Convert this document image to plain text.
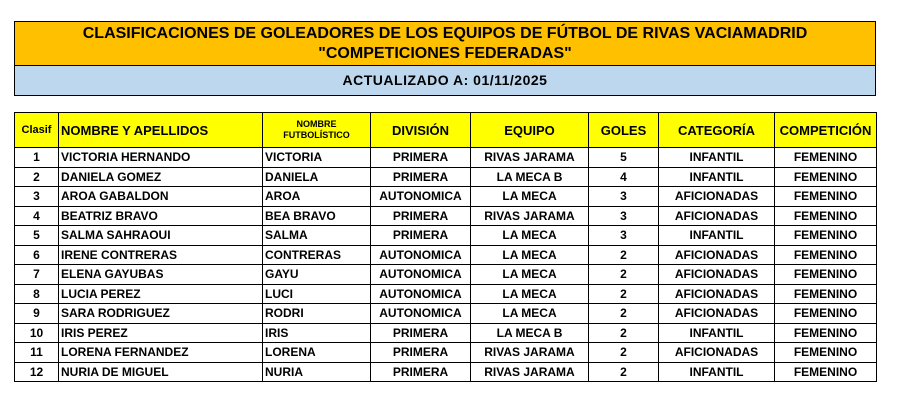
CLASIFICACIONES DE GOLEADORES DE LOS EQUIPOS DE FÚTBOL DE RIVAS VACIAMADRID
"COMPETICIONES FEDERADAS"
ACTUALIZADO A: 01/11/2025
Clasif	NOMBRE Y APELLIDOS	NOMBRE FUTBOLÍSTICO	DIVISIÓN	EQUIPO	GOLES	CATEGORÍA	COMPETICIÓN
1	VICTORIA HERNANDO	VICTORIA	PRIMERA	RIVAS JARAMA	5	INFANTIL	FEMENINO
2	DANIELA GOMEZ	DANIELA	PRIMERA	LA MECA B	4	INFANTIL	FEMENINO
3	AROA GABALDON	AROA	AUTONOMICA	LA MECA	3	AFICIONADAS	FEMENINO
4	BEATRIZ BRAVO	BEA BRAVO	PRIMERA	RIVAS JARAMA	3	AFICIONADAS	FEMENINO
5	SALMA SAHRAOUI	SALMA	PRIMERA	LA MECA	3	INFANTIL	FEMENINO
6	IRENE CONTRERAS	CONTRERAS	AUTONOMICA	LA MECA	2	AFICIONADAS	FEMENINO
7	ELENA GAYUBAS	GAYU	AUTONOMICA	LA MECA	2	AFICIONADAS	FEMENINO
8	LUCIA PEREZ	LUCI	AUTONOMICA	LA MECA	2	AFICIONADAS	FEMENINO
9	SARA RODRIGUEZ	RODRI	AUTONOMICA	LA MECA	2	AFICIONADAS	FEMENINO
10	IRIS PEREZ	IRIS	PRIMERA	LA MECA B	2	INFANTIL	FEMENINO
11	LORENA FERNANDEZ	LORENA	PRIMERA	RIVAS JARAMA	2	AFICIONADAS	FEMENINO
12	NURIA DE MIGUEL	NURIA	PRIMERA	RIVAS JARAMA	2	INFANTIL	FEMENINO
